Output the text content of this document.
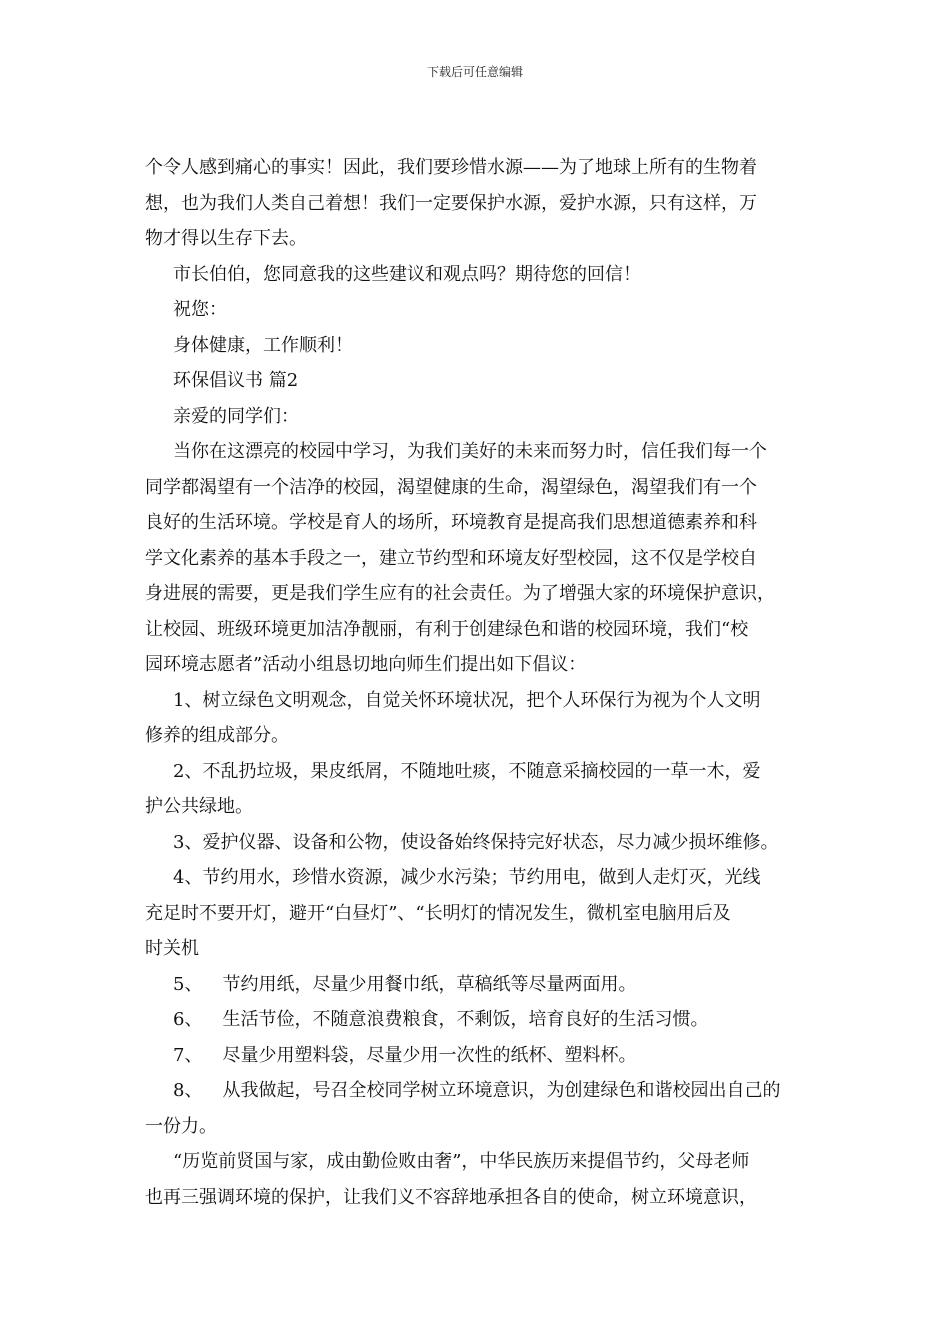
下载后可任意编辑

个令人感到痛心的事实！因此，我们要珍惜水源——为了地球上所有的生物着

想，也为我们人类自己着想！我们一定要保护水源，爱护水源，只有这样，万

物才得以生存下去。

市长伯伯，您同意我的这些建议和观点吗？期待您的回信！

祝您：

身体健康，工作顺利！

环保倡议书 篇2

亲爱的同学们：

当你在这漂亮的校园中学习，为我们美好的未来而努力时，信任我们每一个

同学都渴望有一个洁净的校园，渴望健康的生命，渴望绿色，渴望我们有一个

良好的生活环境。学校是育人的场所，环境教育是提高我们思想道德素养和科

学文化素养的基本手段之一，建立节约型和环境友好型校园，这不仅是学校自

身进展的需要，更是我们学生应有的社会责任。为了增强大家的环境保护意识，

让校园、班级环境更加洁净靓丽，有利于创建绿色和谐的校园环境，我们“校

园环境志愿者”活动小组恳切地向师生们提出如下倡议：

1、树立绿色文明观念，自觉关怀环境状况，把个人环保行为视为个人文明

修养的组成部分。

2、不乱扔垃圾，果皮纸屑，不随地吐痰，不随意采摘校园的一草一木，爱

护公共绿地。

3、爱护仪器、设备和公物，使设备始终保持完好状态，尽力减少损坏维修。

4、节约用水，珍惜水资源，减少水污染；节约用电，做到人走灯灭，光线

充足时不要开灯，避开“白昼灯”、“长明灯的情况发生，微机室电脑用后及

时关机

5、 节约用纸，尽量少用餐巾纸，草稿纸等尽量两面用。

6、 生活节俭，不随意浪费粮食，不剩饭，培育良好的生活习惯。

7、 尽量少用塑料袋，尽量少用一次性的纸杯、塑料杯。

8、 从我做起，号召全校同学树立环境意识，为创建绿色和谐校园出自己的

一份力。

“历览前贤国与家，成由勤俭败由奢”，中华民族历来提倡节约，父母老师

也再三强调环境的保护，让我们义不容辞地承担各自的使命，树立环境意识，
